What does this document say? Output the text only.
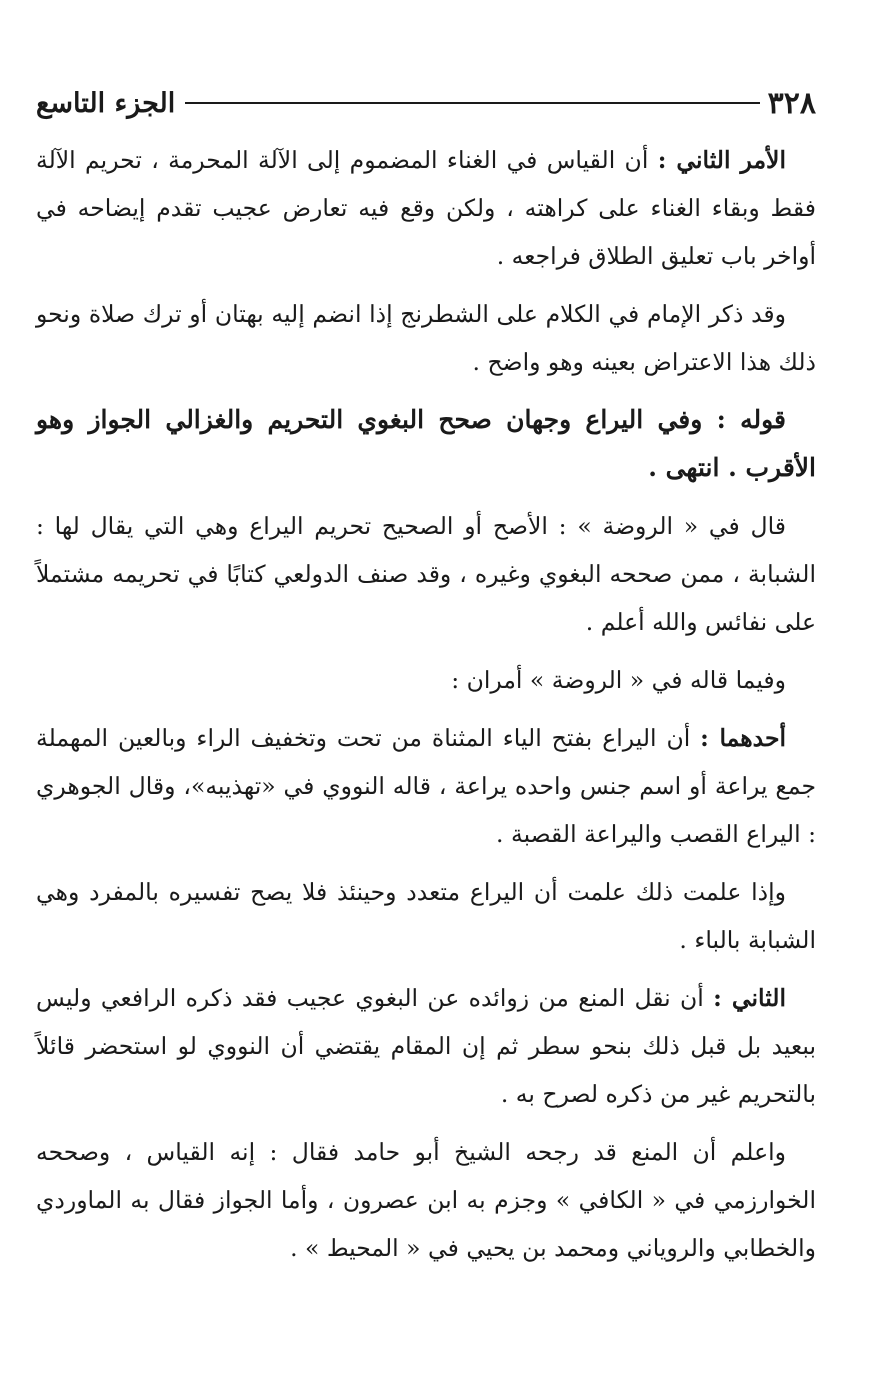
٣٢٨
الجزء التاسع

الأمر الثاني : أن القياس في الغناء المضموم إلى الآلة المحرمة ، تحريم الآلة فقط وبقاء الغناء على كراهته ، ولكن وقع فيه تعارض عجيب تقدم إيضاحه في أواخر باب تعليق الطلاق فراجعه .

وقد ذكر الإمام في الكلام على الشطرنج إذا انضم إليه بهتان أو ترك صلاة ونحو ذلك هذا الاعتراض بعينه وهو واضح .

قوله : وفي اليراع وجهان صحح البغوي التحريم والغزالي الجواز وهو الأقرب . انتهى .

قال في « الروضة » : الأصح أو الصحيح تحريم اليراع وهي التي يقال لها : الشبابة ، ممن صححه البغوي وغيره ، وقد صنف الدولعي كتابًا في تحريمه مشتملاً على نفائس والله أعلم .

وفيما قاله في « الروضة » أمران :

أحدهما : أن اليراع بفتح الياء المثناة من تحت وتخفيف الراء وبالعين المهملة جمع يراعة أو اسم جنس واحده يراعة ، قاله النووي في «تهذيبه»، وقال الجوهري : اليراع القصب واليراعة القصبة .

وإذا علمت ذلك علمت أن اليراع متعدد وحينئذ فلا يصح تفسيره بالمفرد وهي الشبابة بالباء .

الثاني : أن نقل المنع من زوائده عن البغوي عجيب فقد ذكره الرافعي وليس ببعيد بل قبل ذلك بنحو سطر ثم إن المقام يقتضي أن النووي لو استحضر قائلاً بالتحريم غير من ذكره لصرح به .

واعلم أن المنع قد رجحه الشيخ أبو حامد فقال : إنه القياس ، وصححه الخوارزمي في « الكافي » وجزم به ابن عصرون ، وأما الجواز فقال به الماوردي والخطابي والروياني ومحمد بن يحيي في « المحيط » .
